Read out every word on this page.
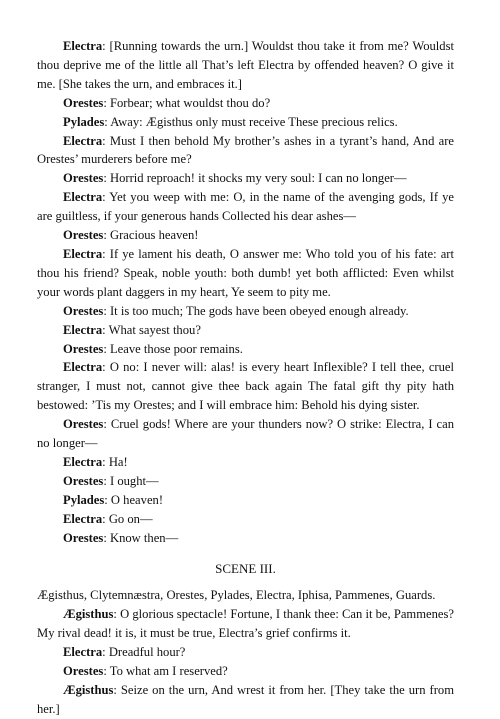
Electra: [Running towards the urn.] Wouldst thou take it from me? Wouldst thou deprive me of the little all That’s left Electra by offended heaven? O give it me. [She takes the urn, and embraces it.]

Orestes: Forbear; what wouldst thou do?

Pylades: Away: Ægisthus only must receive These precious relics.

Electra: Must I then behold My brother’s ashes in a tyrant’s hand, And are Orestes’ murderers before me?

Orestes: Horrid reproach! it shocks my very soul: I can no longer—

Electra: Yet you weep with me: O, in the name of the avenging gods, If ye are guiltless, if your generous hands Collected his dear ashes—

Orestes: Gracious heaven!

Electra: If ye lament his death, O answer me: Who told you of his fate: art thou his friend? Speak, noble youth: both dumb! yet both afflicted: Even whilst your words plant daggers in my heart, Ye seem to pity me.

Orestes: It is too much; The gods have been obeyed enough already.

Electra: What sayest thou?

Orestes: Leave those poor remains.

Electra: O no: I never will: alas! is every heart Inflexible? I tell thee, cruel stranger, I must not, cannot give thee back again The fatal gift thy pity hath bestowed: ’Tis my Orestes; and I will embrace him: Behold his dying sister.

Orestes: Cruel gods! Where are your thunders now? O strike: Electra, I can no longer—

Electra: Ha!

Orestes: I ought—

Pylades: O heaven!

Electra: Go on—

Orestes: Know then—

SCENE III.

Ægisthus, Clytemnæstra, Orestes, Pylades, Electra, Iphisa, Pammenes, Guards.

Ægisthus: O glorious spectacle! Fortune, I thank thee: Can it be, Pammenes? My rival dead! it is, it must be true, Electra’s grief confirms it.

Electra: Dreadful hour?

Orestes: To what am I reserved?

Ægisthus: Seize on the urn, And wrest it from her. [They take the urn from her.]
